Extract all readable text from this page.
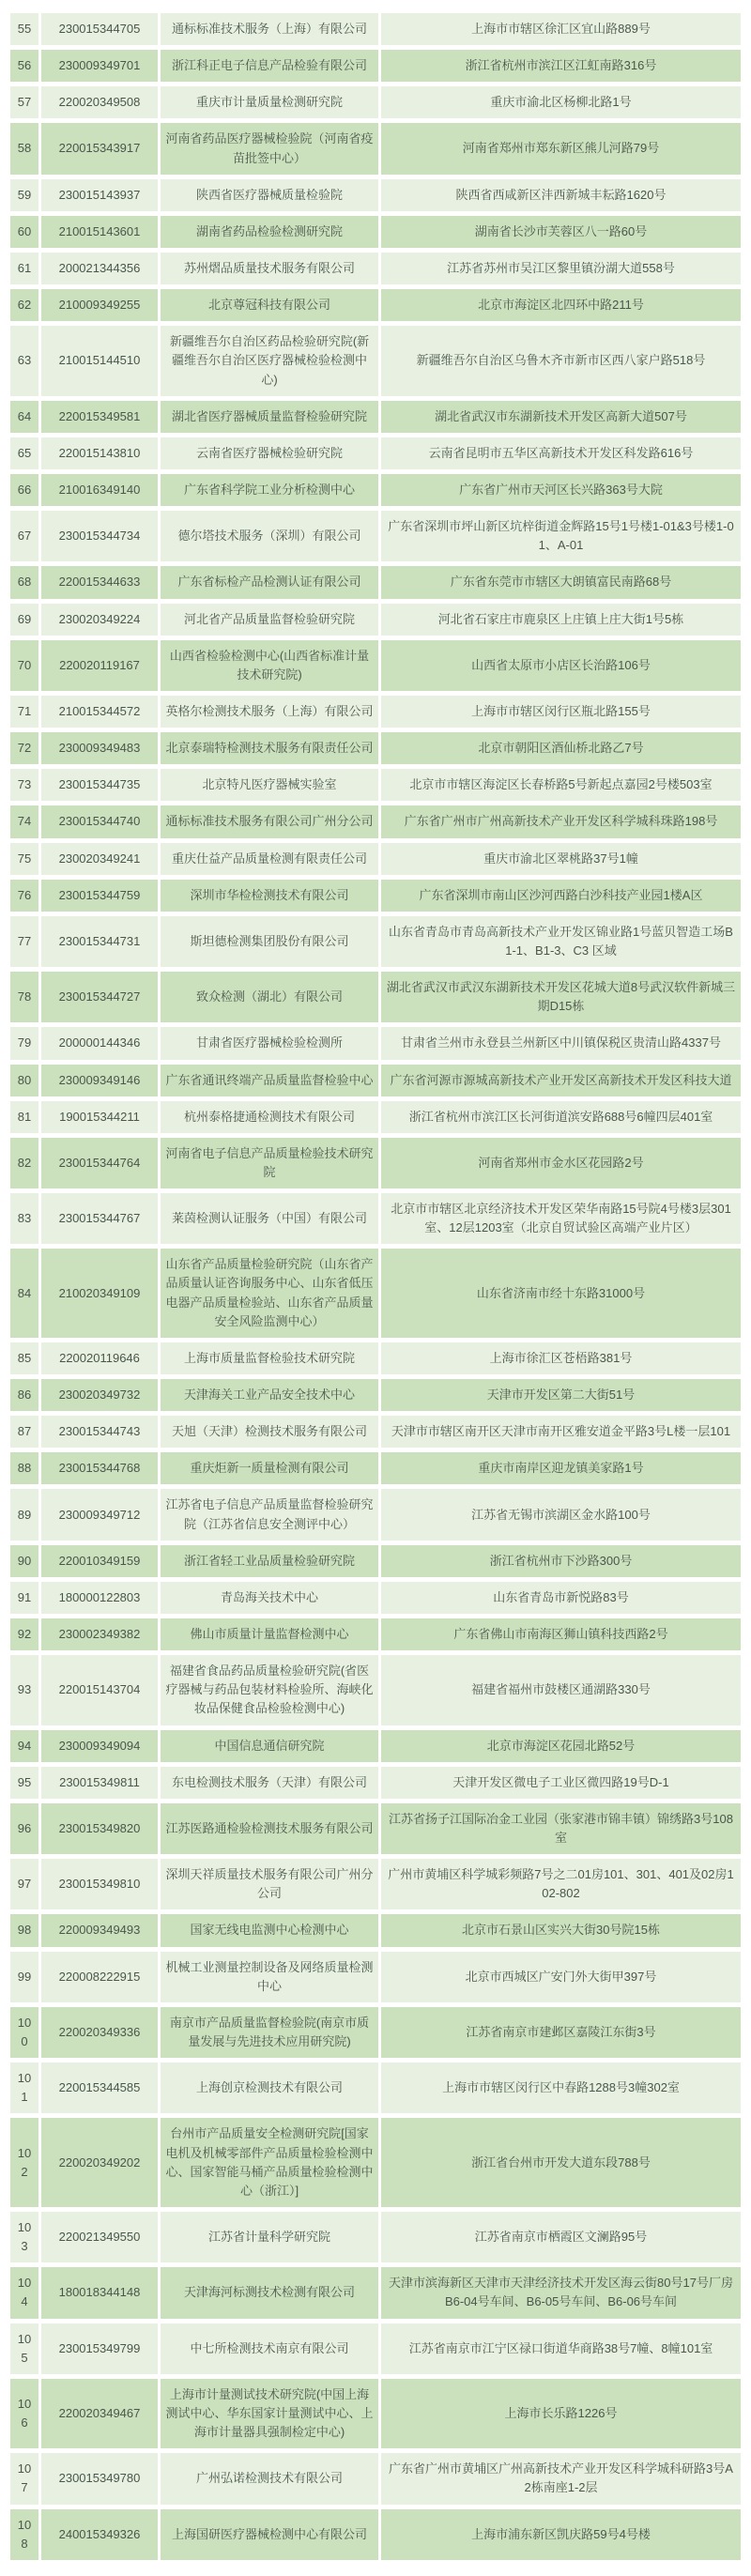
55	230015344705	通标标准技术服务（上海）有限公司	上海市市辖区徐汇区宜山路889号
56	230009349701	浙江科正电子信息产品检验有限公司	浙江省杭州市滨江区江虹南路316号
57	220020349508	重庆市计量质量检测研究院	重庆市渝北区杨柳北路1号
58	220015343917	河南省药品医疗器械检验院（河南省疫苗批签中心）	河南省郑州市郑东新区熊儿河路79号
59	230015143937	陕西省医疗器械质量检验院	陕西省西咸新区沣西新城丰耘路1620号
60	210015143601	湖南省药品检验检测研究院	湖南省长沙市芙蓉区八一路60号
61	200021344356	苏州熠品质量技术服务有限公司	江苏省苏州市吴江区黎里镇汾湖大道558号
62	210009349255	北京尊冠科技有限公司	北京市海淀区北四环中路211号
63	210015144510	新疆维吾尔自治区药品检验研究院(新疆维吾尔自治区医疗器械检验检测中心)	新疆维吾尔自治区乌鲁木齐市新市区西八家户路518号
64	220015349581	湖北省医疗器械质量监督检验研究院	湖北省武汉市东湖新技术开发区高新大道507号
65	220015143810	云南省医疗器械检验研究院	云南省昆明市五华区高新技术开发区科发路616号
66	210016349140	广东省科学院工业分析检测中心	广东省广州市天河区长兴路363号大院
67	230015344734	德尔塔技术服务（深圳）有限公司	广东省深圳市坪山新区坑梓街道金辉路15号1号楼1-01&3号楼1-01、A-01
68	220015344633	广东省标检产品检测认证有限公司	广东省东莞市市辖区大朗镇富民南路68号
69	230020349224	河北省产品质量监督检验研究院	河北省石家庄市鹿泉区上庄镇上庄大街1号5栋
70	220020119167	山西省检验检测中心(山西省标准计量技术研究院)	山西省太原市小店区长治路106号
71	210015344572	英格尔检测技术服务（上海）有限公司	上海市市辖区闵行区瓶北路155号
72	230009349483	北京泰瑞特检测技术服务有限责任公司	北京市朝阳区酒仙桥北路乙7号
73	230015344735	北京特凡医疗器械实验室	北京市市辖区海淀区长春桥路5号新起点嘉园2号楼503室
74	230015344740	通标标准技术服务有限公司广州分公司	广东省广州市广州高新技术产业开发区科学城科珠路198号
75	230020349241	重庆仕益产品质量检测有限责任公司	重庆市渝北区翠桃路37号1幢
76	230015344759	深圳市华检检测技术有限公司	广东省深圳市南山区沙河西路白沙科技产业园1楼A区
77	230015344731	斯坦德检测集团股份有限公司	山东省青岛市青岛高新技术产业开发区锦业路1号蓝贝智造工场B1-1、B1-3、C3 区域
78	230015344727	致众检测（湖北）有限公司	湖北省武汉市武汉东湖新技术开发区花城大道8号武汉软件新城三期D15栋
79	200000144346	甘肃省医疗器械检验检测所	甘肃省兰州市永登县兰州新区中川镇保税区贵清山路4337号
80	230009349146	广东省通讯终端产品质量监督检验中心	广东省河源市源城高新技术产业开发区高新技术开发区科技大道
81	190015344211	杭州泰格捷通检测技术有限公司	浙江省杭州市滨江区长河街道滨安路688号6幢四层401室
82	230015344764	河南省电子信息产品质量检验技术研究院	河南省郑州市金水区花园路2号
83	230015344767	莱茵检测认证服务（中国）有限公司	北京市市辖区北京经济技术开发区荣华南路15号院4号楼3层301室、12层1203室（北京自贸试验区高端产业片区）
84	210020349109	山东省产品质量检验研究院（山东省产品质量认证咨询服务中心、山东省低压电器产品质量检验站、山东省产品质量安全风险监测中心）	山东省济南市经十东路31000号
85	220020119646	上海市质量监督检验技术研究院	上海市徐汇区苍梧路381号
86	230020349732	天津海关工业产品安全技术中心	天津市开发区第二大街51号
87	230015344743	天旭（天津）检测技术服务有限公司	天津市市辖区南开区天津市南开区雅安道金平路3号L楼一层101
88	230015344768	重庆炬新一质量检测有限公司	重庆市南岸区迎龙镇美家路1号
89	230009349712	江苏省电子信息产品质量监督检验研究院（江苏省信息安全测评中心）	江苏省无锡市滨湖区金水路100号
90	220010349159	浙江省轻工业品质量检验研究院	浙江省杭州市下沙路300号
91	180000122803	青岛海关技术中心	山东省青岛市新悦路83号
92	230002349382	佛山市质量计量监督检测中心	广东省佛山市南海区狮山镇科技西路2号
93	220015143704	福建省食品药品质量检验研究院(省医疗器械与药品包装材料检验所、海峡化妆品保健食品检验检测中心)	福建省福州市鼓楼区通湖路330号
94	230009349094	中国信息通信研究院	北京市海淀区花园北路52号
95	230015349811	东电检测技术服务（天津）有限公司	天津开发区微电子工业区微四路19号D-1
96	230015349820	江苏医路通检验检测技术服务有限公司	江苏省扬子江国际冶金工业园（张家港市锦丰镇）锦绣路3号108室
97	230015349810	深圳天祥质量技术服务有限公司广州分公司	广州市黄埔区科学城彩频路7号之二01房101、301、401及02房102-802
98	220009349493	国家无线电监测中心检测中心	北京市石景山区实兴大街30号院15栋
99	220008222915	机械工业测量控制设备及网络质量检测中心	北京市西城区广安门外大街甲397号
100	220020349336	南京市产品质量监督检验院(南京市质量发展与先进技术应用研究院)	江苏省南京市建邺区嘉陵江东街3号
101	220015344585	上海创京检测技术有限公司	上海市市辖区闵行区中春路1288号3幢302室
102	220020349202	台州市产品质量安全检测研究院[国家电机及机械零部件产品质量检验检测中心、国家智能马桶产品质量检验检测中心（浙江）]	浙江省台州市开发大道东段788号
103	220021349550	江苏省计量科学研究院	江苏省南京市栖霞区文澜路95号
104	180018344148	天津海河标测技术检测有限公司	天津市滨海新区天津市天津经济技术开发区海云街80号17号厂房B6-04号车间、B6-05号车间、B6-06号车间
105	230015349799	中七所检测技术南京有限公司	江苏省南京市江宁区禄口街道华商路38号7幢、8幢101室
106	220020349467	上海市计量测试技术研究院(中国上海测试中心、华东国家计量测试中心、上海市计量器具强制检定中心)	上海市长乐路1226号
107	230015349780	广州弘诺检测技术有限公司	广东省广州市黄埔区广州高新技术产业开发区科学城科研路3号A2栋南座1-2层
108	240015349326	上海国研医疗器械检测中心有限公司	上海市浦东新区凯庆路59号4号楼
